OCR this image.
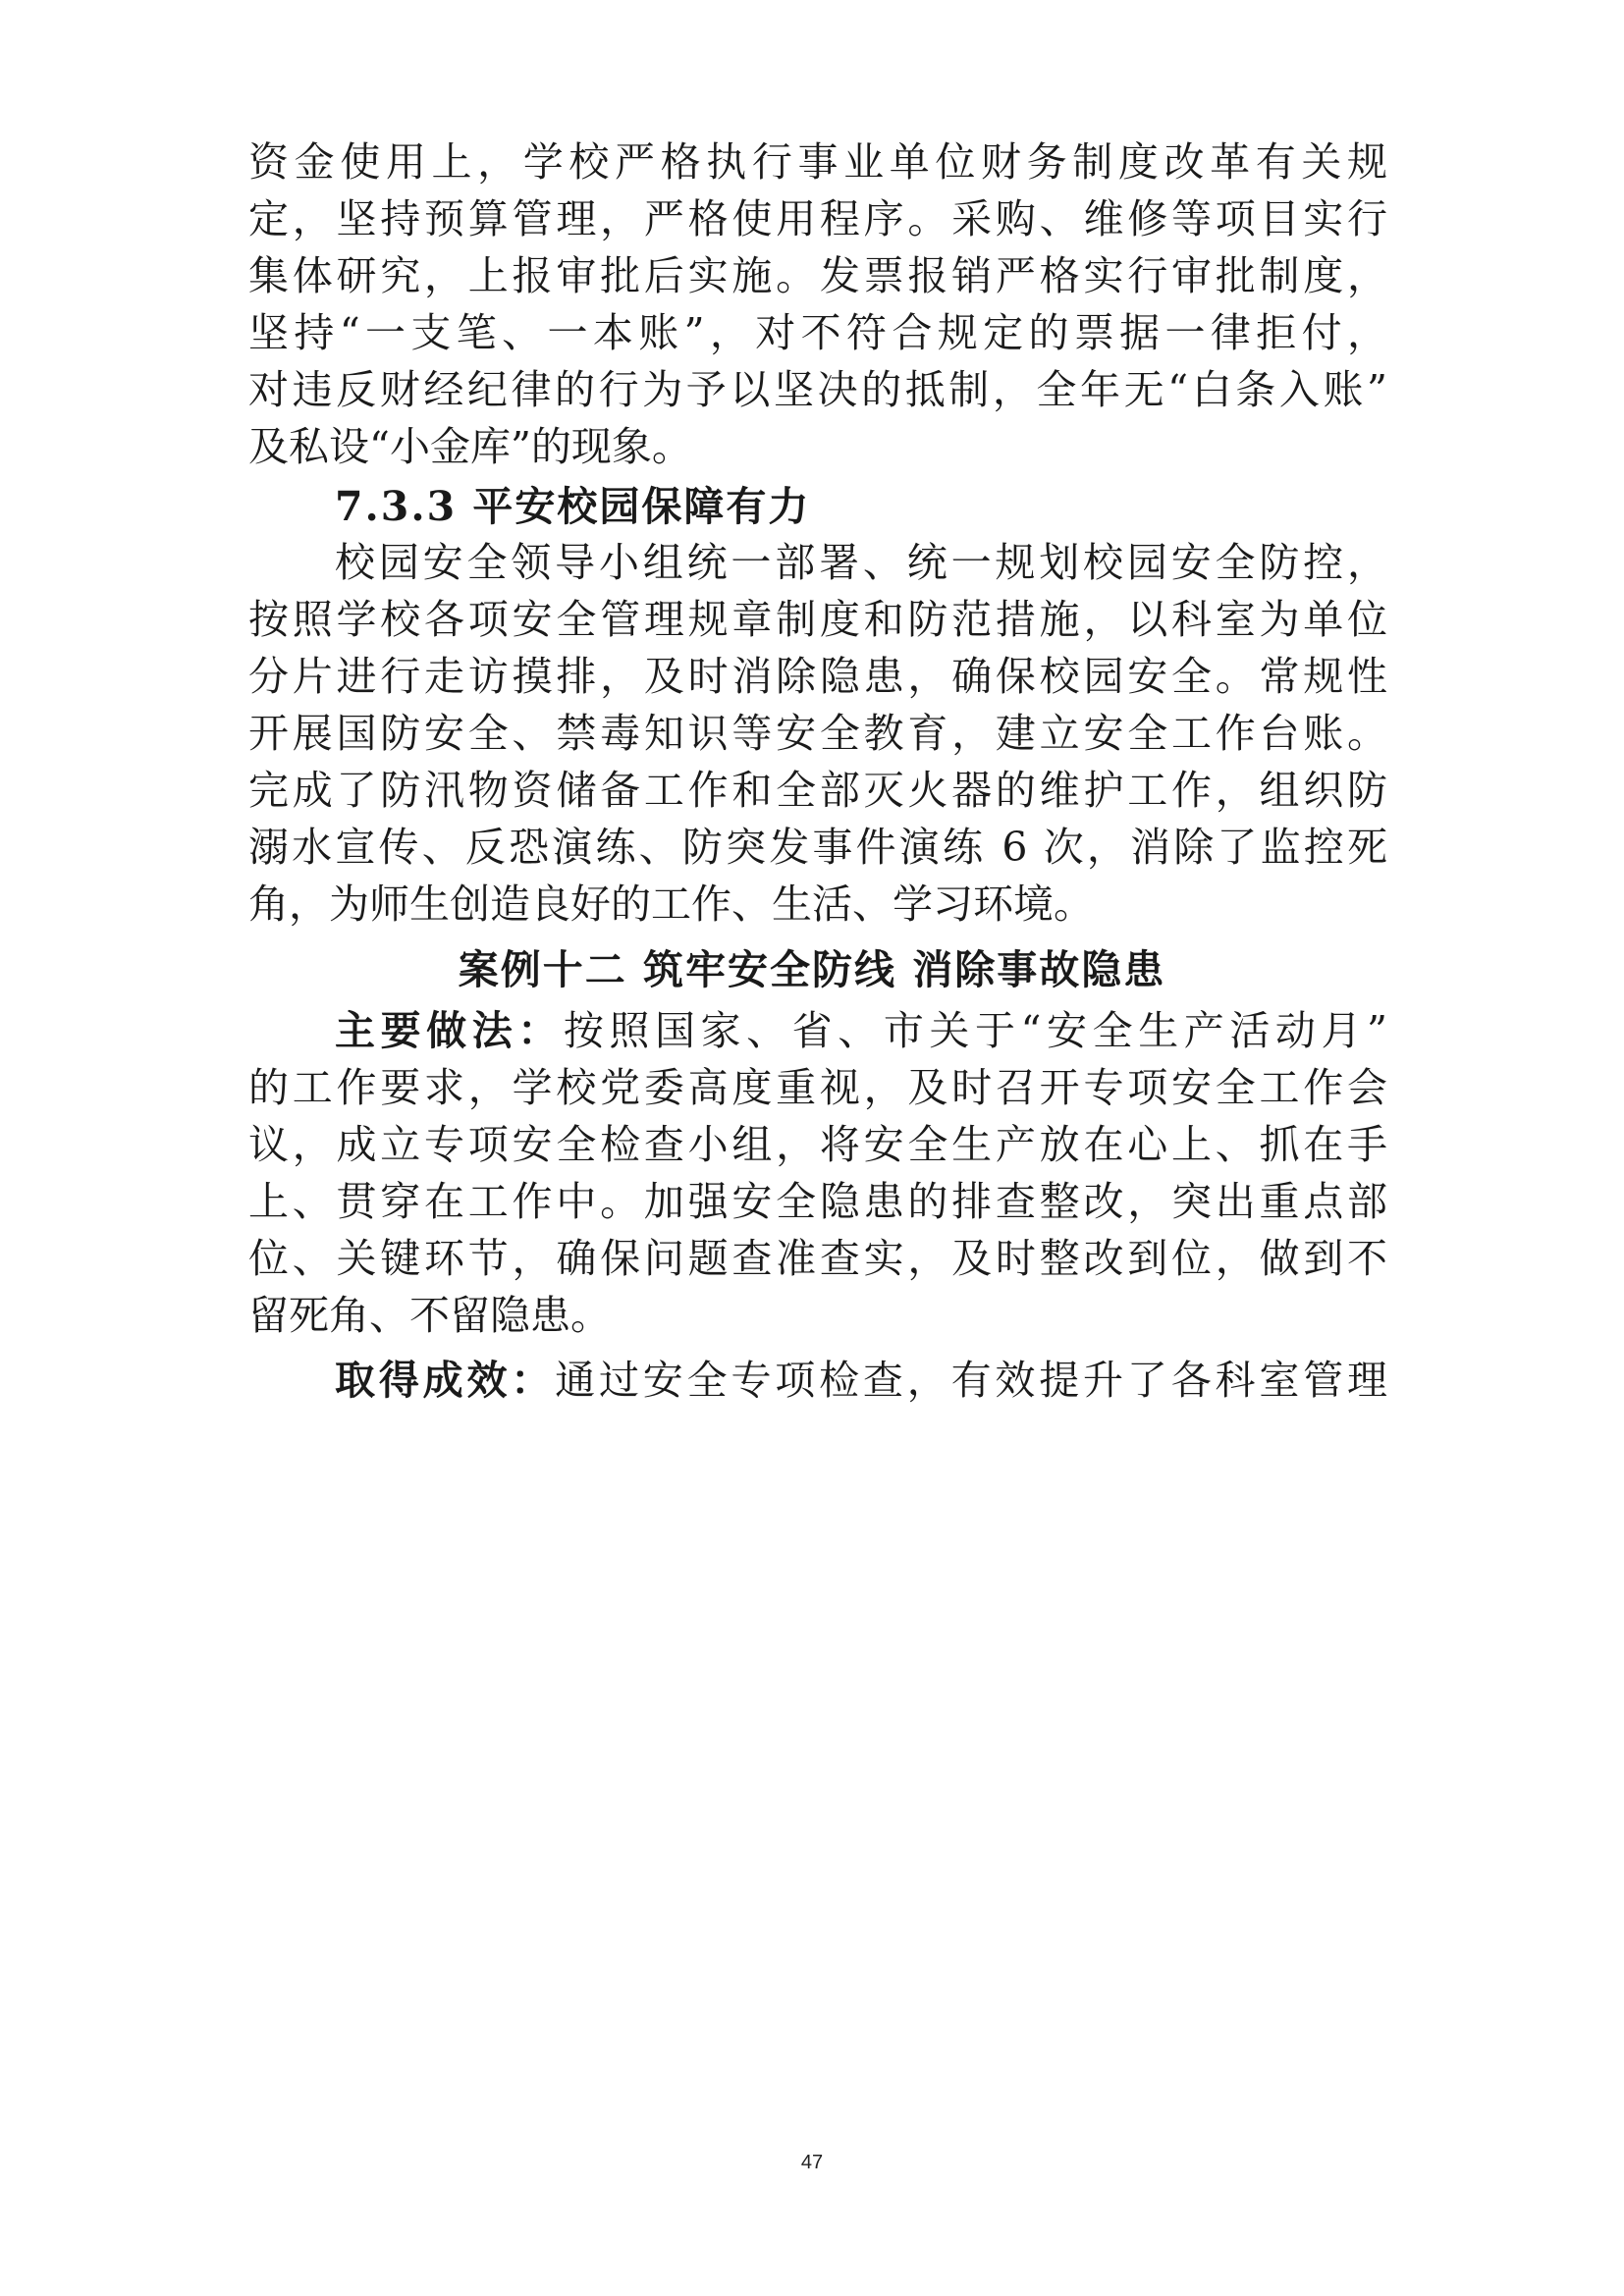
资金使用上，学校严格执行事业单位财务制度改革有关规
定，坚持预算管理，严格使用程序。采购、维修等项目实行
集体研究，上报审批后实施。发票报销严格实行审批制度，
坚持“一支笔、一本账”，对不符合规定的票据一律拒付，
对违反财经纪律的行为予以坚决的抵制，全年无“白条入账”
及私设“小金库”的现象。
7.3.3 平安校园保障有力
校园安全领导小组统一部署、统一规划校园安全防控，
按照学校各项安全管理规章制度和防范措施，以科室为单位
分片进行走访摸排，及时消除隐患，确保校园安全。常规性
开展国防安全、禁毒知识等安全教育，建立安全工作台账。
完成了防汛物资储备工作和全部灭火器的维护工作，组织防
溺水宣传、反恐演练、防突发事件演练 6 次，消除了监控死
角，为师生创造良好的工作、生活、学习环境。
案例十二 筑牢安全防线 消除事故隐患
主要做法：按照国家、省、市关于“安全生产活动月”
的工作要求，学校党委高度重视，及时召开专项安全工作会
议，成立专项安全检查小组，将安全生产放在心上、抓在手
上、贯穿在工作中。加强安全隐患的排查整改，突出重点部
位、关键环节，确保问题查准查实，及时整改到位，做到不
留死角、不留隐患。
取得成效：通过安全专项检查，有效提升了各科室管理
47
